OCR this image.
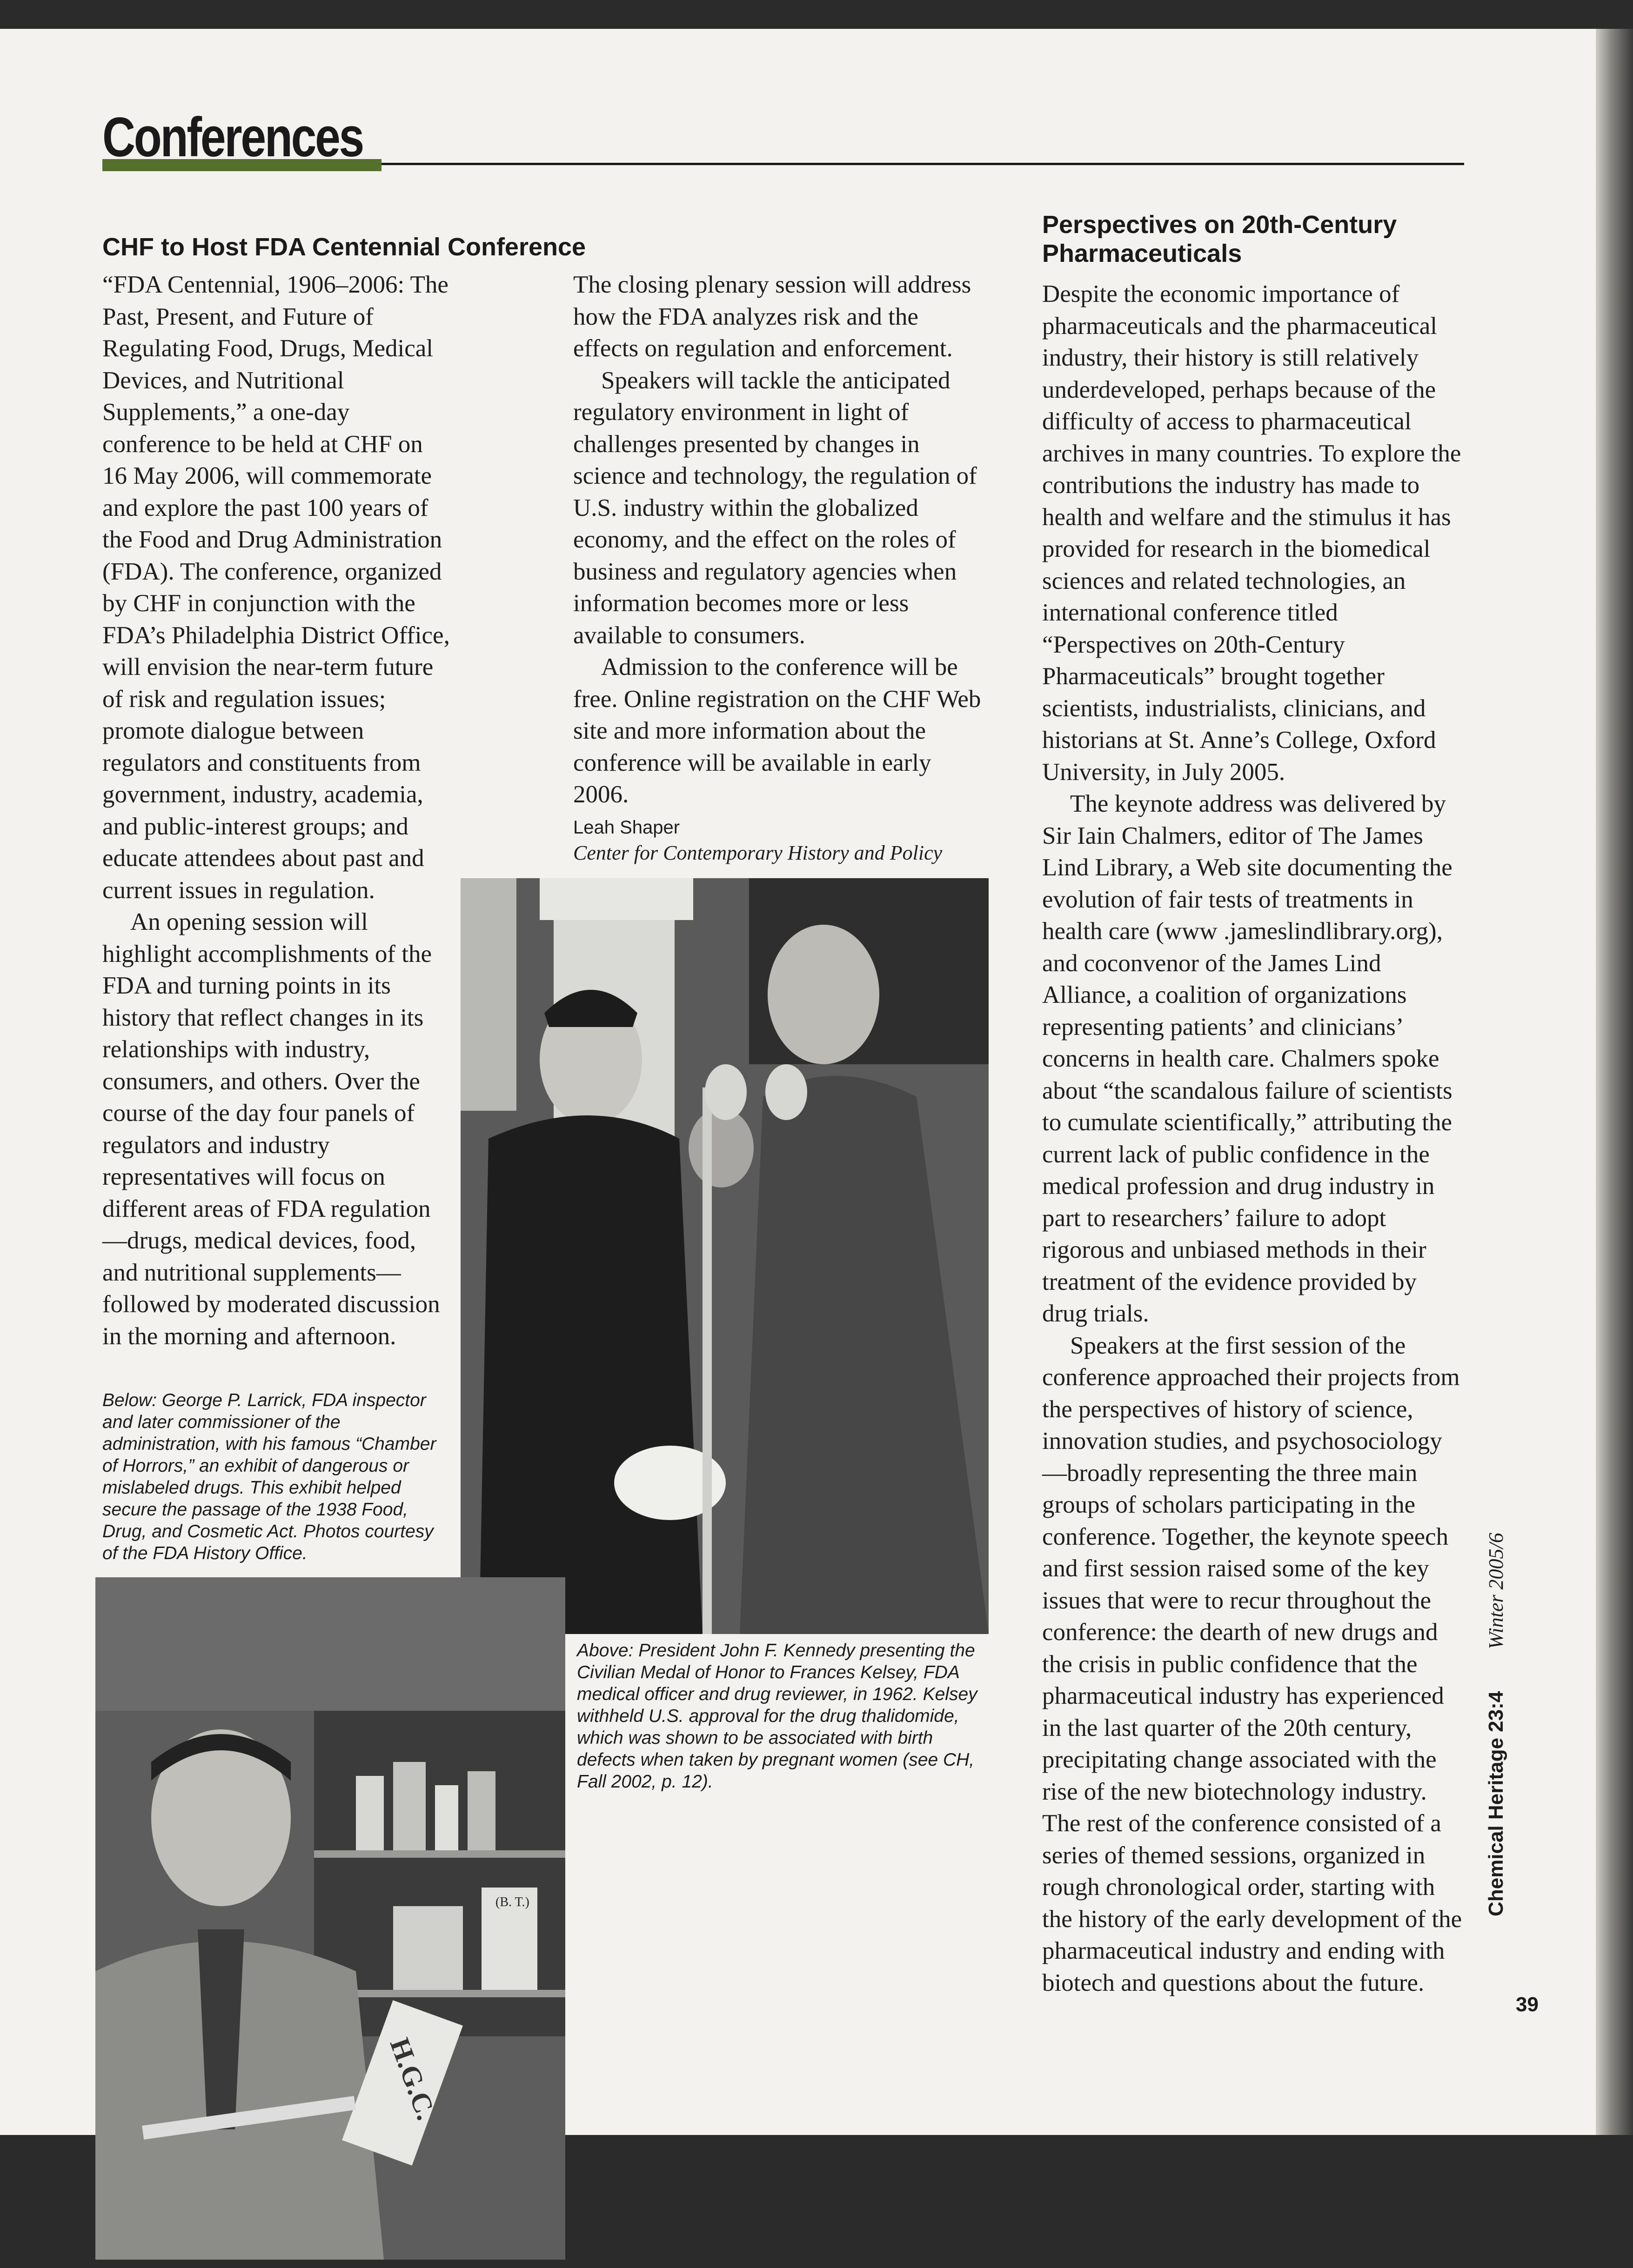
Conferences
CHF to Host FDA Centennial Conference

“FDA Centennial, 1906–2006: The Past, Present, and Future of Regulating Food, Drugs, Medical Devices, and Nutritional Supplements,” a one-day conference to be held at CHF on 16 May 2006, will commemorate and explore the past 100 years of the Food and Drug Administration (FDA). The conference, organized by CHF in conjunction with the FDA’s Philadelphia District Office, will envision the near-term future of risk and regulation issues; promote dialogue between regulators and constituents from government, industry, academia, and public-interest groups; and educate attendees about past and current issues in regulation.

An opening session will highlight accomplishments of the FDA and turning points in its history that reflect changes in its relationships with industry, consumers, and others. Over the course of the day four panels of regulators and industry representatives will focus on different areas of FDA regulation—drugs, medical devices, food, and nutritional supplements—followed by moderated discussion in the morning and afternoon.

Below: George P. Larrick, FDA inspector and later commissioner of the administration, with his famous “Chamber of Horrors,” an exhibit of dangerous or mislabeled drugs. This exhibit helped secure the passage of the 1938 Food, Drug, and Cosmetic Act. Photos courtesy of the FDA History Office.
(B. T.)
H.G.C.

The closing plenary session will address how the FDA analyzes risk and the effects on regulation and enforcement.

Speakers will tackle the anticipated regulatory environment in light of challenges presented by changes in science and technology, the regulation of U.S. industry within the globalized economy, and the effect on the roles of business and regulatory agencies when information becomes more or less available to consumers.

Admission to the conference will be free. Online registration on the CHF Web site and more information about the conference will be available in early 2006.

Leah Shaper
Center for Contemporary History and Policy
Above: President John F. Kennedy presenting the Civilian Medal of Honor to Frances Kelsey, FDA medical officer and drug reviewer, in 1962. Kelsey withheld U.S. approval for the drug thalidomide, which was shown to be associated with birth defects when taken by pregnant women (see CH, Fall 2002, p. 12).
Perspectives on 20th-Century Pharmaceuticals

Despite the economic importance of pharmaceuticals and the pharmaceutical industry, their history is still relatively underdeveloped, perhaps because of the difficulty of access to pharmaceutical archives in many countries. To explore the contributions the industry has made to health and welfare and the stimulus it has provided for research in the biomedical sciences and related technologies, an international conference titled “Perspectives on 20th-Century Pharmaceuticals” brought together scientists, industrialists, clinicians, and historians at St. Anne’s College, Oxford University, in July 2005.

The keynote address was delivered by Sir Iain Chalmers, editor of The James Lind Library, a Web site documenting the evolution of fair tests of treatments in health care (www .jameslindlibrary.org), and coconvenor of the James Lind Alliance, a coalition of organizations representing patients’ and clinicians’ concerns in health care. Chalmers spoke about “the scandalous failure of scientists to cumulate scientifically,” attributing the current lack of public confidence in the medical profession and drug industry in part to researchers’ failure to adopt rigorous and unbiased methods in their treatment of the evidence provided by drug trials.

Speakers at the first session of the conference approached their projects from the perspectives of history of science, innovation studies, and psychosociology—broadly representing the three main groups of scholars participating in the conference. Together, the keynote speech and first session raised some of the key issues that were to recur throughout the conference: the dearth of new drugs and the crisis in public confidence that the pharmaceutical industry has experienced in the last quarter of the 20th century, precipitating change associated with the rise of the new biotechnology industry. The rest of the conference consisted of a series of themed sessions, organized in rough chronological order, starting with the history of the early development of the pharmaceutical industry and ending with biotech and questions about the future.

Chemical Heritage 23:4Winter 2005/6
39
